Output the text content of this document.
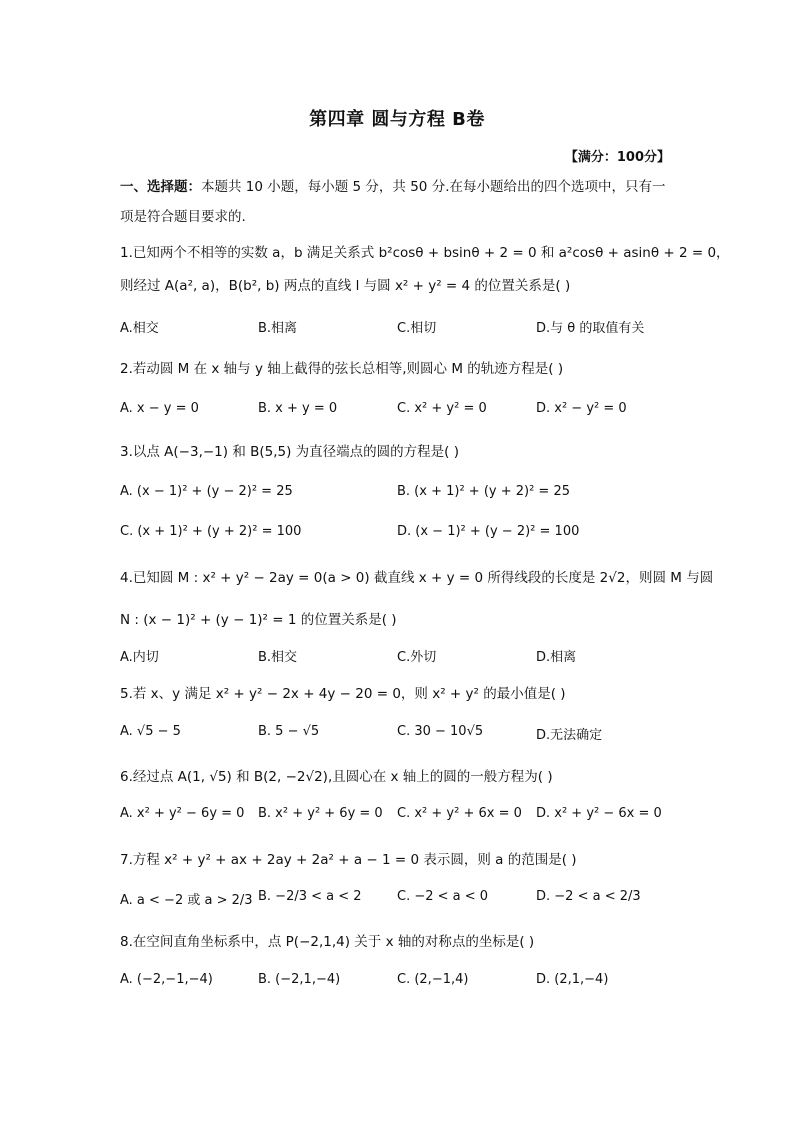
第四章 圆与方程 B卷
【满分：100分】
一、选择题：本题共 10 小题，每小题 5 分，共 50 分.在每小题给出的四个选项中，只有一项是符合题目要求的.
1.已知两个不相等的实数 a，b 满足关系式 b²cosθ + bsinθ + 2 = 0 和 a²cosθ + asinθ + 2 = 0，
则经过 A(a², a)，B(b², b) 两点的直线 l 与圆 x² + y² = 4 的位置关系是( )
A.相交	B.相离	C.相切	D.与 θ 的取值有关
2.若动圆 M 在 x 轴与 y 轴上截得的弦长总相等,则圆心 M 的轨迹方程是( )
A. x − y = 0	B. x + y = 0	C. x² + y² = 0	D. x² − y² = 0
3.以点 A(−3,−1) 和 B(5,5) 为直径端点的圆的方程是( )
A. (x − 1)² + (y − 2)² = 25	B. (x + 1)² + (y + 2)² = 25
C. (x + 1)² + (y + 2)² = 100	D. (x − 1)² + (y − 2)² = 100
4.已知圆 M : x² + y² − 2ay = 0(a > 0) 截直线 x + y = 0 所得线段的长度是 2√2，则圆 M 与圆
N : (x − 1)² + (y − 1)² = 1 的位置关系是( )
A.内切	B.相交	C.外切	D.相离
5.若 x、y 满足 x² + y² − 2x + 4y − 20 = 0，则 x² + y² 的最小值是( )
A. √5 − 5	B. 5 − √5	C. 30 − 10√5	D.无法确定
6.经过点 A(1, √5) 和 B(2, −2√2),且圆心在 x 轴上的圆的一般方程为( )
A. x² + y² − 6y = 0 B. x² + y² + 6y = 0 C. x² + y² + 6x = 0 D. x² + y² − 6x = 0
7.方程 x² + y² + ax + 2ay + 2a² + a − 1 = 0 表示圆，则 a 的范围是( )
A. a < −2 或 a > 2/3 B. −2/3 < a < 2	C. −2 < a < 0	D. −2 < a < 2/3
8.在空间直角坐标系中，点 P(−2,1,4) 关于 x 轴的对称点的坐标是( )
A. (−2,−1,−4)	B. (−2,1,−4)	C. (2,−1,4)	D. (2,1,−4)
